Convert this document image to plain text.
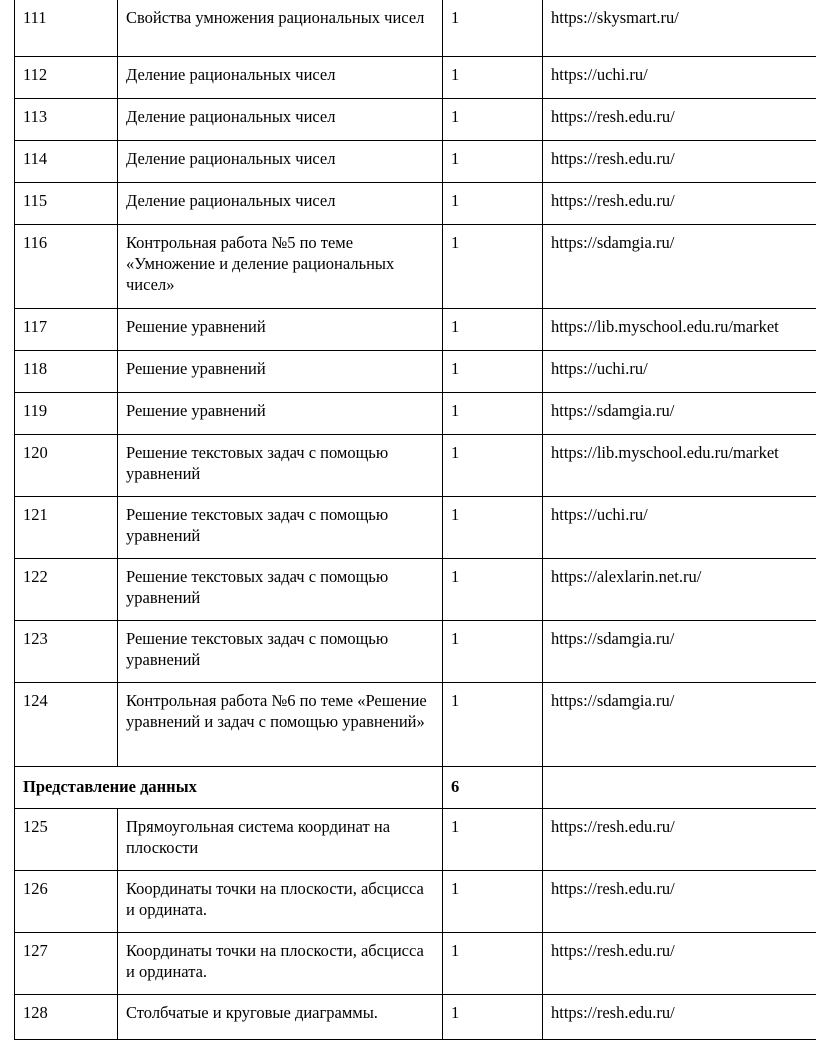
111	Свойства умножения рациональных чисел	1	https://skysmart.ru/
112	Деление рациональных чисел	1	https://uchi.ru/
113	Деление рациональных чисел	1	https://resh.edu.ru/
114	Деление рациональных чисел	1	https://resh.edu.ru/
115	Деление рациональных чисел	1	https://resh.edu.ru/
116	Контрольная работа №5 по теме «Умножение и деление рациональных чисел»	1	https://sdamgia.ru/
117	Решение уравнений	1	https://lib.myschool.edu.ru/market
118	Решение уравнений	1	https://uchi.ru/
119	Решение уравнений	1	https://sdamgia.ru/
120	Решение текстовых задач с помощью уравнений	1	https://lib.myschool.edu.ru/market
121	Решение текстовых задач с помощью уравнений	1	https://uchi.ru/
122	Решение текстовых задач с помощью уравнений	1	https://alexlarin.net.ru/
123	Решение текстовых задач с помощью уравнений	1	https://sdamgia.ru/
124	Контрольная работа №6 по теме «Решение уравнений и задач с помощью уравнений»	1	https://sdamgia.ru/
Представление данных		6	
125	Прямоугольная система координат на плоскости	1	https://resh.edu.ru/
126	Координаты точки на плоскости, абсцисса и ордината.	1	https://resh.edu.ru/
127	Координаты точки на плоскости, абсцисса и ордината.	1	https://resh.edu.ru/
128	Столбчатые и круговые диаграммы.	1	https://resh.edu.ru/
